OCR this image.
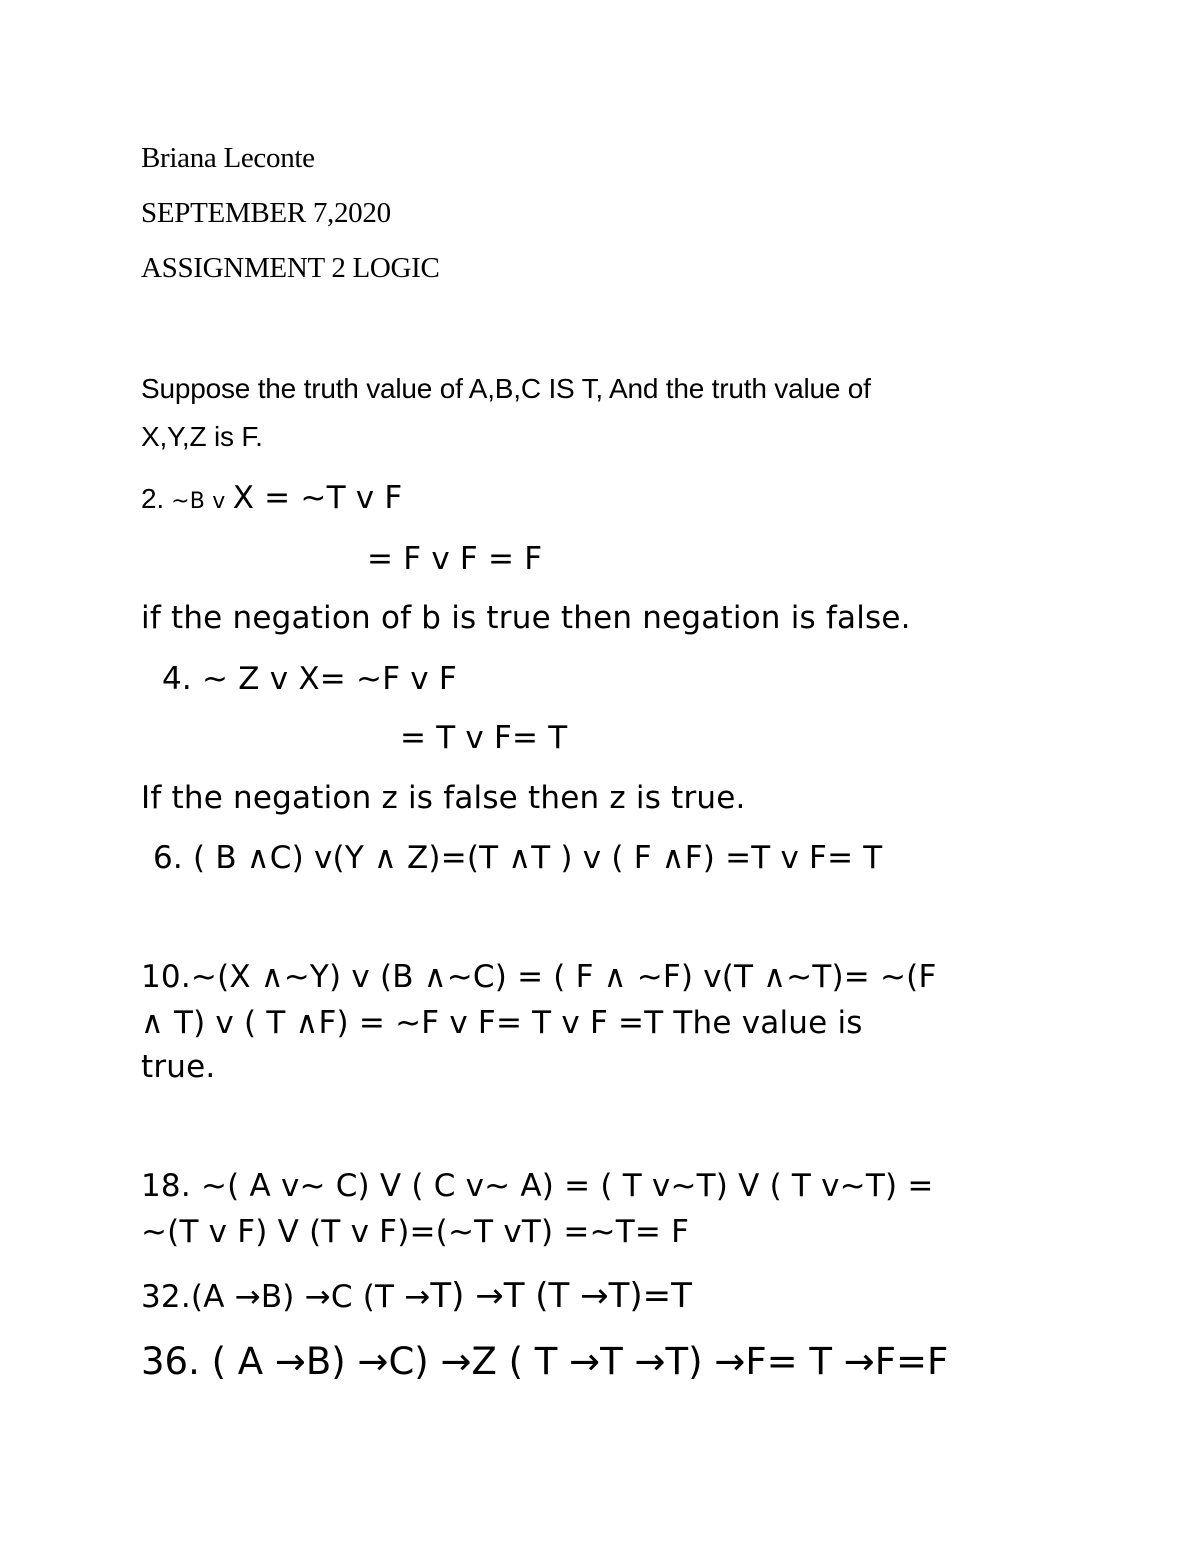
Briana Leconte

SEPTEMBER 7,2020

ASSIGNMENT 2 LOGIC

Suppose the truth value of A,B,C IS T, And the truth value of

X,Y,Z is F.

2. ~B v X = ~T v F

= F v F = F

if the negation of b is true then negation is false.

4. ~ Z v X= ~F v F

= T v F= T

If the negation z is false then z is true.

6. ( B ∧C) v(Y ∧ Z)=(T ∧T ) v ( F ∧F) =T v F= T

10.~(X ∧~Y) v (B ∧~C) = ( F ∧ ~F) v(T ∧~T)= ~(F

∧ T) v ( T ∧F) = ~F v F= T v F =T The value is

true.

18. ~( A v~ C) V ( C v~ A) = ( T v~T) V ( T v~T) =

~(T v F) V (T v F)=(~T vT) =~T= F

32.(A →B) →C (T →T) →T (T →T)=T

36. ( A →B) →C) →Z ( T →T →T) →F= T →F=F
